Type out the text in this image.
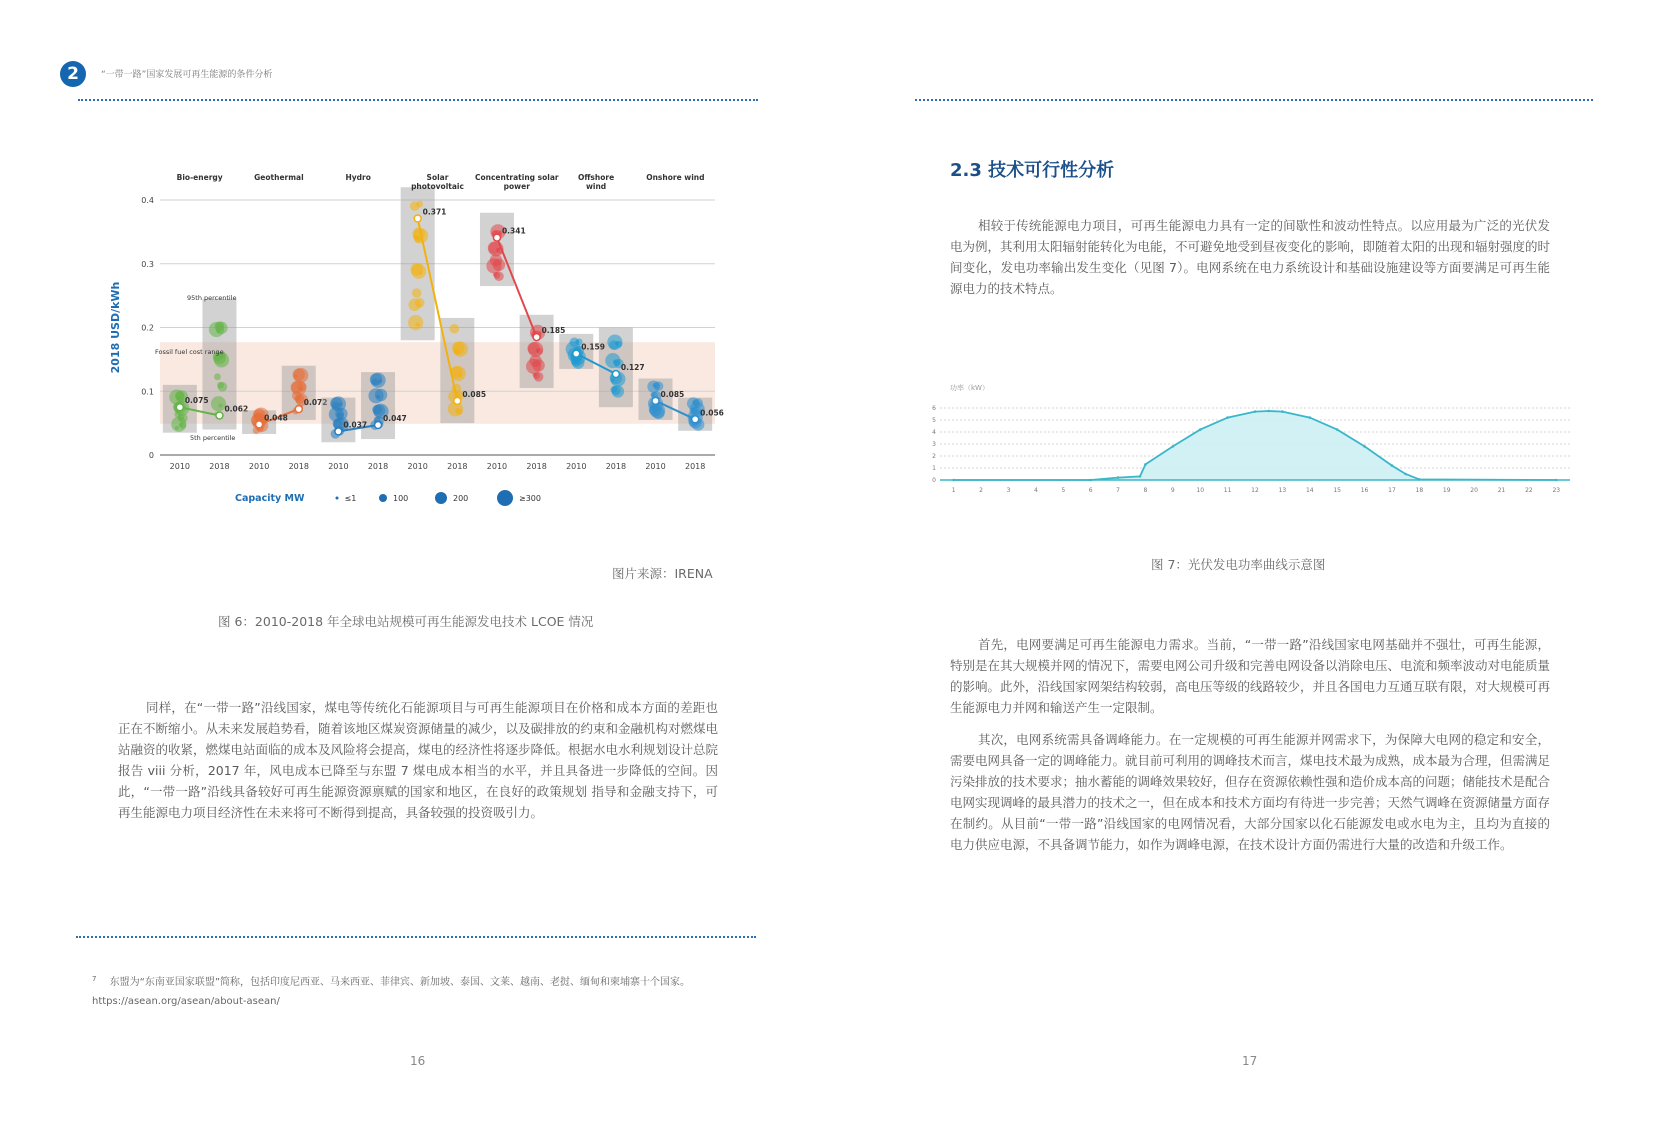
2	“一带一路”国家发展可再生能源的条件分析
0
0.1
0.2
0.3
0.4
2018 USD/kWh
0.075
0.062
2010 2018
Bio-energy
0.048
0.072
2010 2018
Geothermal
0.037
0.047
2010 2018
Hydro
0.371
0.085
2010 2018
Solar
photovoltaic
0.341
0.185
2010 2018
Concentrating solar
power
0.159
0.127
2010 2018
Offshore
wind
0.085
0.056
2010 2018
Onshore wind
95th percentile
5th percentile
Fossil fuel cost range
Capacity MW	≤1	100	200	≥300
图片来源：IRENA
图 6：2010-2018 年全球电站规模可再生能源发电技术 LCOE 情况
同样，在“一带一路”沿线国家，煤电等传统化石能源项目与可再生能源项目在价格和成本方面的差距也正在不断缩小。从未来发展趋势看，随着该地区煤炭资源储量的减少，以及碳排放的约束和金融机构对燃煤电站融资的收紧，燃煤电站面临的成本及风险将会提高，煤电的经济性将逐步降低。根据水电水利规划设计总院报告 viii 分析，2017 年，风电成本已降至与东盟 7 煤电成本相当的水平，并且具备进一步降低的空间。因此，“一带一路”沿线具备较好可再生能源资源禀赋的国家和地区，在良好的政策规划 指导和金融支持下，可再生能源电力项目经济性在未来将可不断得到提高，具备较强的投资吸引力。
$^7$ 东盟为“东南亚国家联盟”简称，包括印度尼西亚、马来西亚、菲律宾、新加坡、泰国、文莱、越南、老挝、缅甸和柬埔寨十个国家。
https://asean.org/asean/about-asean/
16
2.3 技术可行性分析
相较于传统能源电力项目，可再生能源电力具有一定的间歇性和波动性特点。以应用最为广泛的光伏发电为例，其利用太阳辐射能转化为电能，不可避免地受到昼夜变化的影响，即随着太阳的出现和辐射强度的时间变化，发电功率输出发生变化（见图 7）。电网系统在电力系统设计和基础设施建设等方面要满足可再生能源电力的技术特点。
功率（kW）
0
1
2
3
4
5
6
1	2	3	4	5	6	7	8	9	10	11	12	13	14	15	16	17	18	19	20	21	22	23
图 7：光伏发电功率曲线示意图
首先，电网要满足可再生能源电力需求。当前，“一带一路”沿线国家电网基础并不强壮，可再生能源，特别是在其大规模并网的情况下，需要电网公司升级和完善电网设备以消除电压、电流和频率波动对电能质量的影响。此外，沿线国家网架结构较弱，高电压等级的线路较少，并且各国电力互通互联有限，对大规模可再生能源电力并网和输送产生一定限制。
其次，电网系统需具备调峰能力。在一定规模的可再生能源并网需求下，为保障大电网的稳定和安全，需要电网具备一定的调峰能力。就目前可利用的调峰技术而言，煤电技术最为成熟，成本最为合理，但需满足污染排放的技术要求；抽水蓄能的调峰效果较好，但存在资源依赖性强和造价成本高的问题；储能技术是配合电网实现调峰的最具潜力的技术之一，但在成本和技术方面均有待进一步完善；天然气调峰在资源储量方面存在制约。从目前“一带一路”沿线国家的电网情况看，大部分国家以化石能源发电或水电为主，且均为直接的电力供应电源，不具备调节能力，如作为调峰电源，在技术设计方面仍需进行大量的改造和升级工作。
17
